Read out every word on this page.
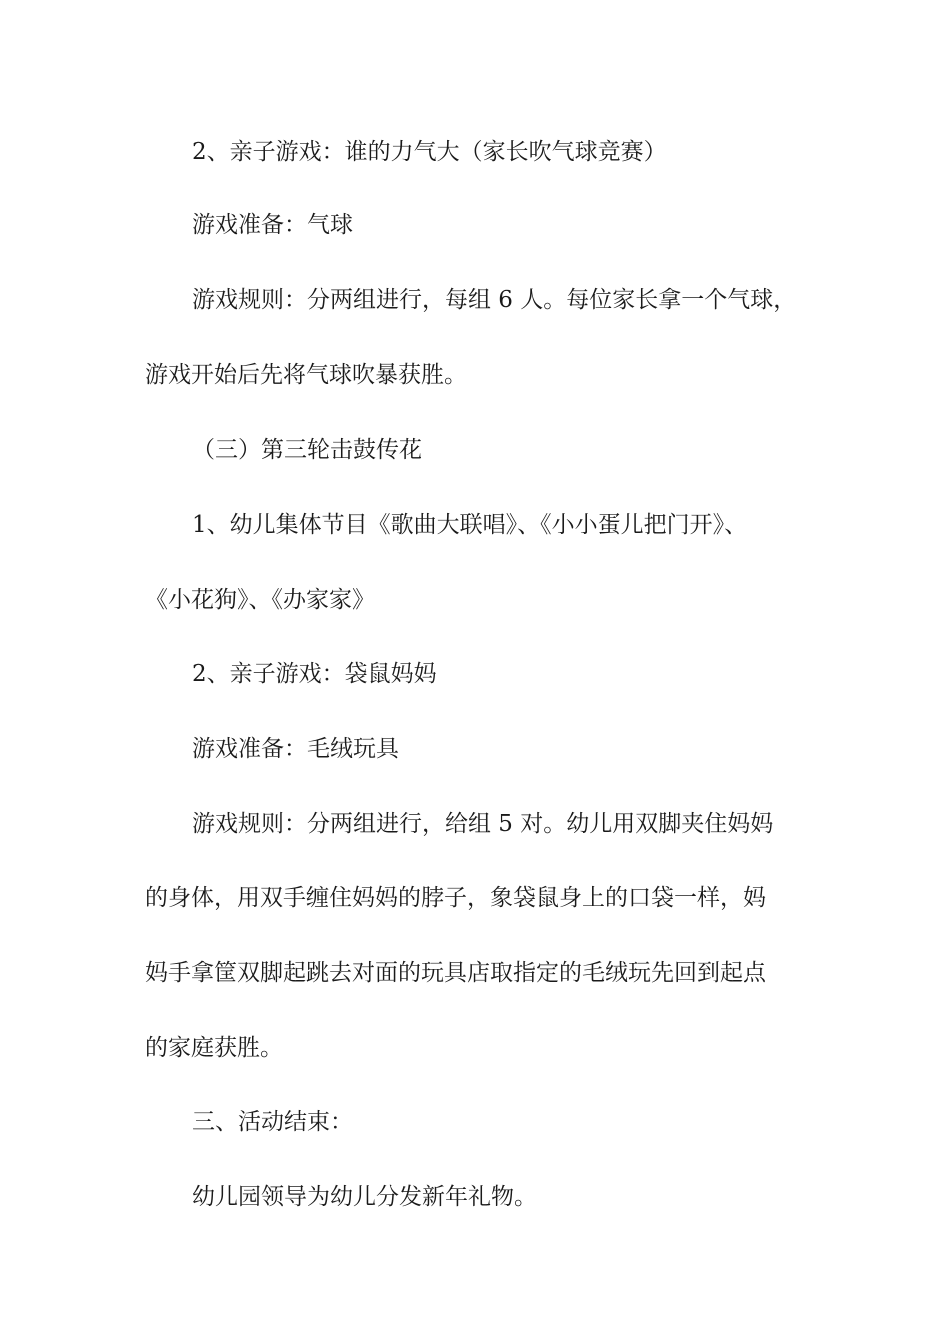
2、亲子游戏：谁的力气大（家长吹气球竞赛）
游戏准备：气球
游戏规则：分两组进行，每组 6 人。每位家长拿一个气球，
游戏开始后先将气球吹暴获胜。
（三）第三轮击鼓传花
1、幼儿集体节目《歌曲大联唱》、《小小蛋儿把门开》、
《小花狗》、《办家家》
2、亲子游戏：袋鼠妈妈
游戏准备：毛绒玩具
游戏规则：分两组进行，给组 5 对。幼儿用双脚夹住妈妈
的身体，用双手缠住妈妈的脖子，象袋鼠身上的口袋一样，妈
妈手拿筐双脚起跳去对面的玩具店取指定的毛绒玩先回到起点
的家庭获胜。
三、活动结束：
幼儿园领导为幼儿分发新年礼物。
